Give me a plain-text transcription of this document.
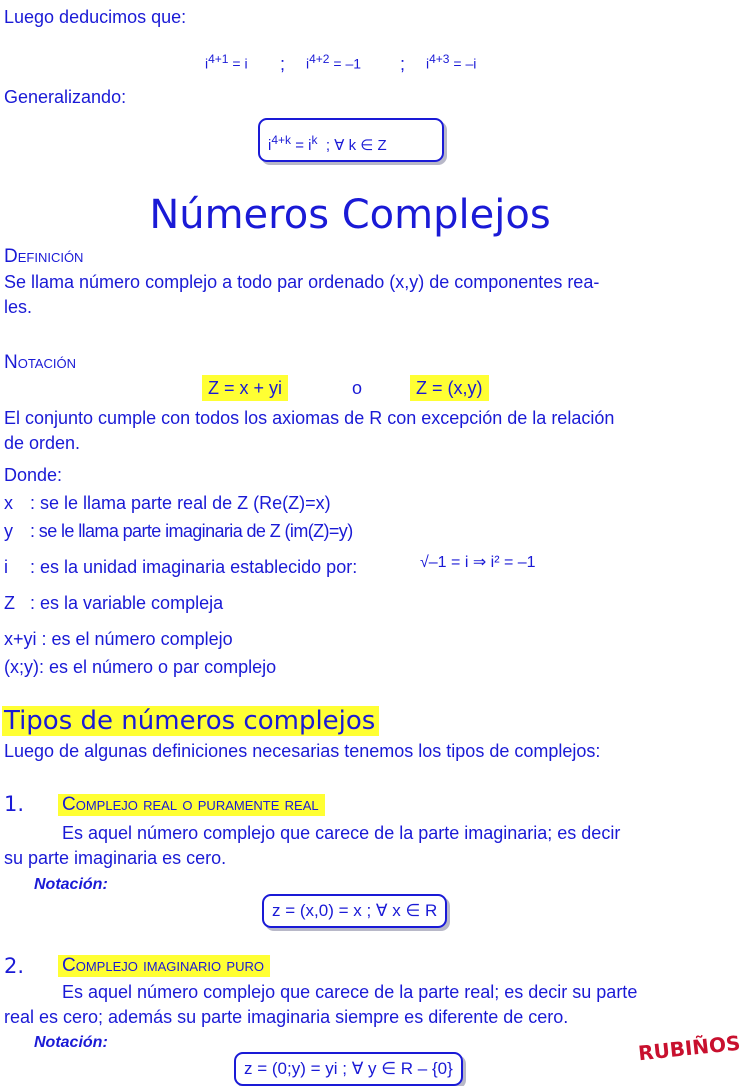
Luego deducimos que:
$i^{4+1} = i$ ; $i^{4+2} = -1$ ; $i^{4+3} = -i$
Generalizando:
$i^{4+k} = i^k$ ; ∀ k ∈ Z
Números Complejos
Definición
Se llama número complejo a todo par ordenado (x,y) de componentes rea-
les.
Notación
Z = x + yi	o	Z = (x,y)
El conjunto cumple con todos los axiomas de R con excepción de la relación
de orden.
Donde:
x : se le llama parte real de Z (Re(Z)=x)
y : se le llama parte imaginaria de Z (im(Z)=y)
i : es la unidad imaginaria establecido por:	√–1 = i ⇒ i² = –1
Z : es la variable compleja
x+yi : es el número complejo
(x;y): es el número o par complejo
Tipos de números complejos
Luego de algunas definiciones necesarias tenemos los tipos de complejos:
1. Complejo real o puramente real
Es aquel número complejo que carece de la parte imaginaria; es decir
su parte imaginaria es cero.
Notación:
z = (x,0) = x ; ∀ x ∈ R
2. Complejo imaginario puro
Es aquel número complejo que carece de la parte real; es decir su parte
real es cero; además su parte imaginaria siempre es diferente de cero.
Notación:
z = (0;y) = yi ; ∀ y ∈ R – {0}
RUBIÑOS
